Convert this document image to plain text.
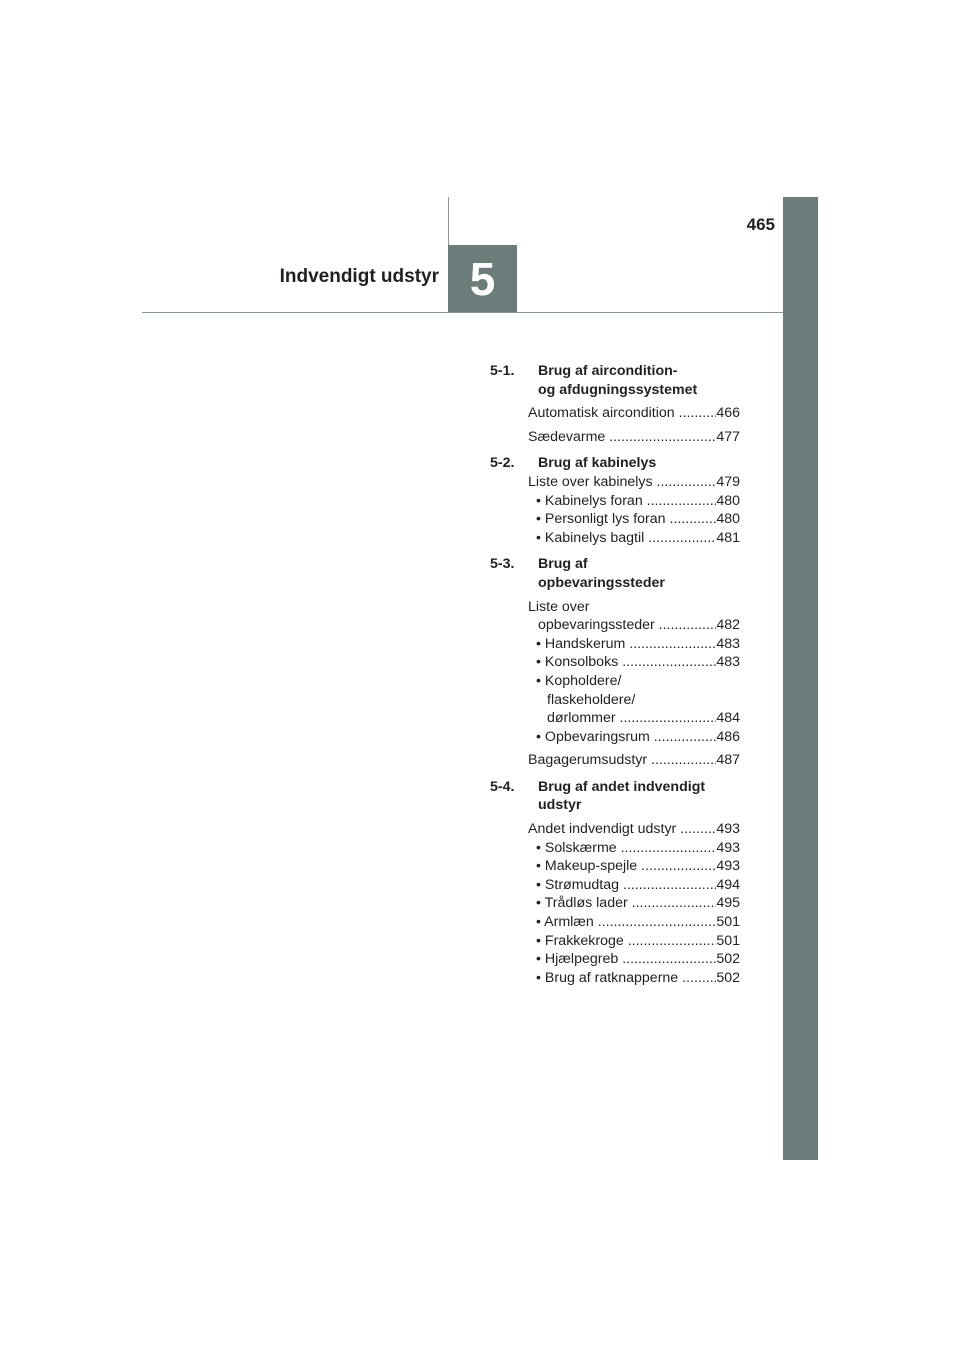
465
5
Indvendigt udstyr
5-1. Brug af aircondition-
og afdugningssystemet
Automatisk aircondition .....	466
Sædevarme .....	477
5-2. Brug af kabinelys
Liste over kabinelys .....	479
• Kabinelys foran .....	480
• Personligt lys foran .....	480
• Kabinelys bagtil .....	481
5-3. Brug af
opbevaringssteder
Liste over
opbevaringssteder .....	482
• Handskerum .....	483
• Konsolboks .....	483
• Kopholdere/
flaskeholdere/
dørlommer .....	484
• Opbevaringsrum .....	486
Bagagerumsudstyr .....	487
5-4. Brug af andet indvendigt
udstyr
Andet indvendigt udstyr .....	493
• Solskærme .....	493
• Makeup-spejle .....	493
• Strømudtag .....	494
• Trådløs lader .....	495
• Armlæn .....	501
• Frakkekroge .....	501
• Hjælpegreb .....	502
• Brug af ratknapperne .....	502
